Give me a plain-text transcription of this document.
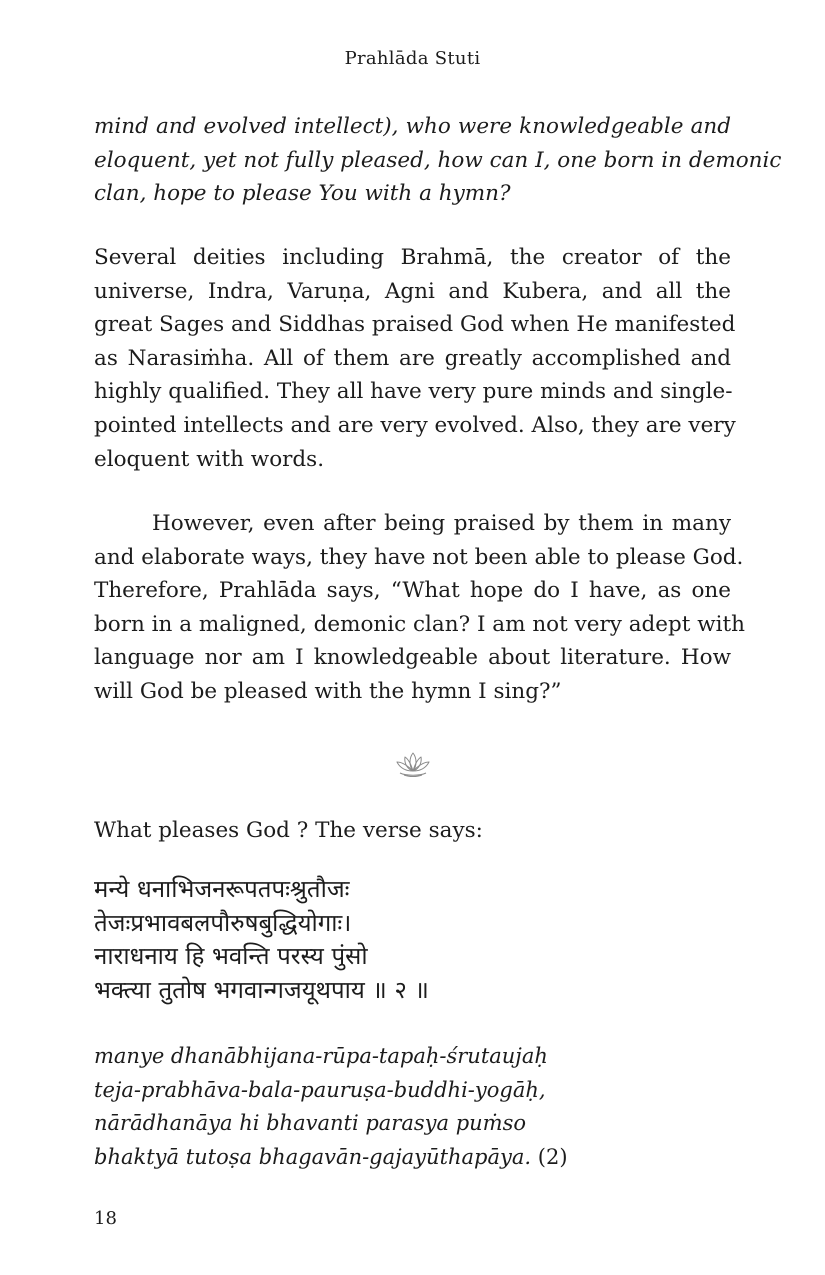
Prahlāda Stuti
mind and evolved intellect), who were knowledgeable and
eloquent, yet not fully pleased, how can I, one born in demonic
clan, hope to please You with a hymn?
Several deities including Brahmā, the creator of the
universe, Indra, Varuṇa, Agni and Kubera, and all the
great Sages and Siddhas praised God when He manifested
as Narasiṁha. All of them are greatly accomplished and
highly qualified. They all have very pure minds and single-
pointed intellects and are very evolved. Also, they are very
eloquent with words.
However, even after being praised by them in many
and elaborate ways, they have not been able to please God.
Therefore, Prahlāda says, “What hope do I have, as one
born in a maligned, demonic clan? I am not very adept with
language nor am I knowledgeable about literature. How
will God be pleased with the hymn I sing?”
What pleases God ? The verse says:
मन्ये धनाभिजनरूपतपःश्रुतौजः
तेजःप्रभावबलपौरुषबुद्धियोगाः।
नाराधनाय हि भवन्ति परस्य पुंसो
भक्त्या तुतोष भगवान्गजयूथपाय ॥ २ ॥
manye dhanābhijana-rūpa-tapaḥ-śrutaujaḥ
teja-prabhāva-bala-pauruṣa-buddhi-yogāḥ,
nārādhanāya hi bhavanti parasya puṁso
bhaktyā tutoṣa bhagavān-gajayūthapāya. (2)
18
